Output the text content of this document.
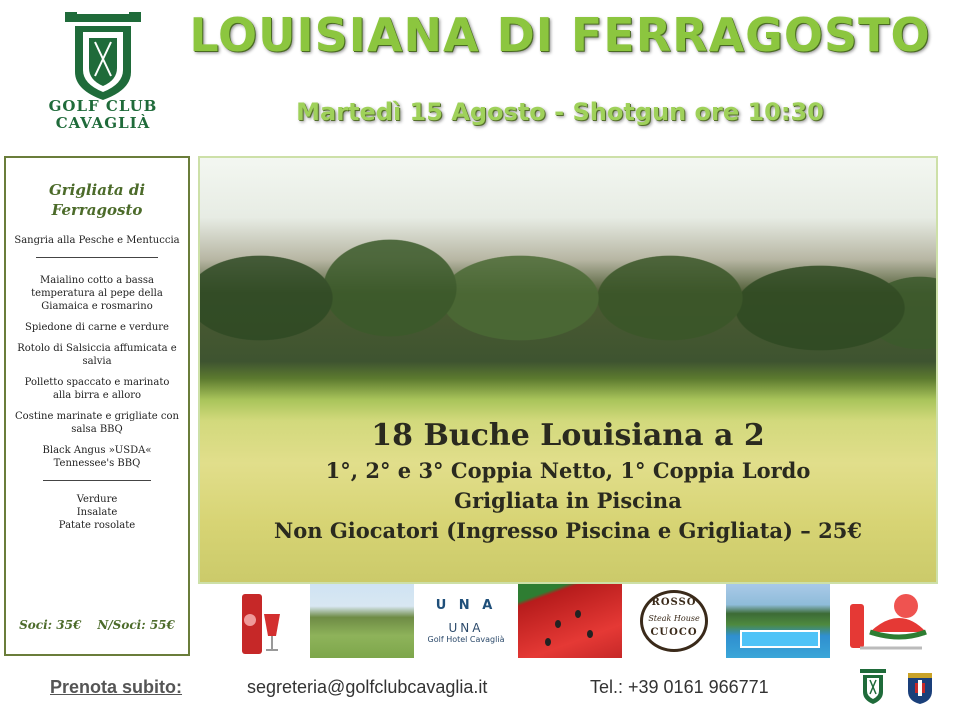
GOLF CLUB
CAVAGLIÀ
LOUISIANA DI FERRAGOSTO
Martedì 15 Agosto - Shotgun ore 10:30
Grigliata di
Ferragosto
Sangria alla Pesche e Mentuccia
Maialino cotto a bassa temperatura al pepe della Giamaica e rosmarino
Spiedone di carne e verdure
Rotolo di Salsiccia affumicata e salvia
Polletto spaccato e marinato alla birra e alloro
Costine marinate e grigliate con salsa BBQ
Black Angus »USDA« Tennessee's BBQ
Verdure
Insalate
Patate rosolate
Soci: 35€ N/Soci: 55€
18 Buche Louisiana a 2
1°, 2° e 3° Coppia Netto, 1° Coppia Lordo
Grigliata in Piscina
Non Giocatori (Ingresso Piscina e Grigliata) – 25€
U N A
UNA
Golf Hotel Cavaglià
ROSSO
Steak House
CUOCO
Prenota subito:	segreteria@golfclubcavaglia.it	Tel.: +39 0161 966771
